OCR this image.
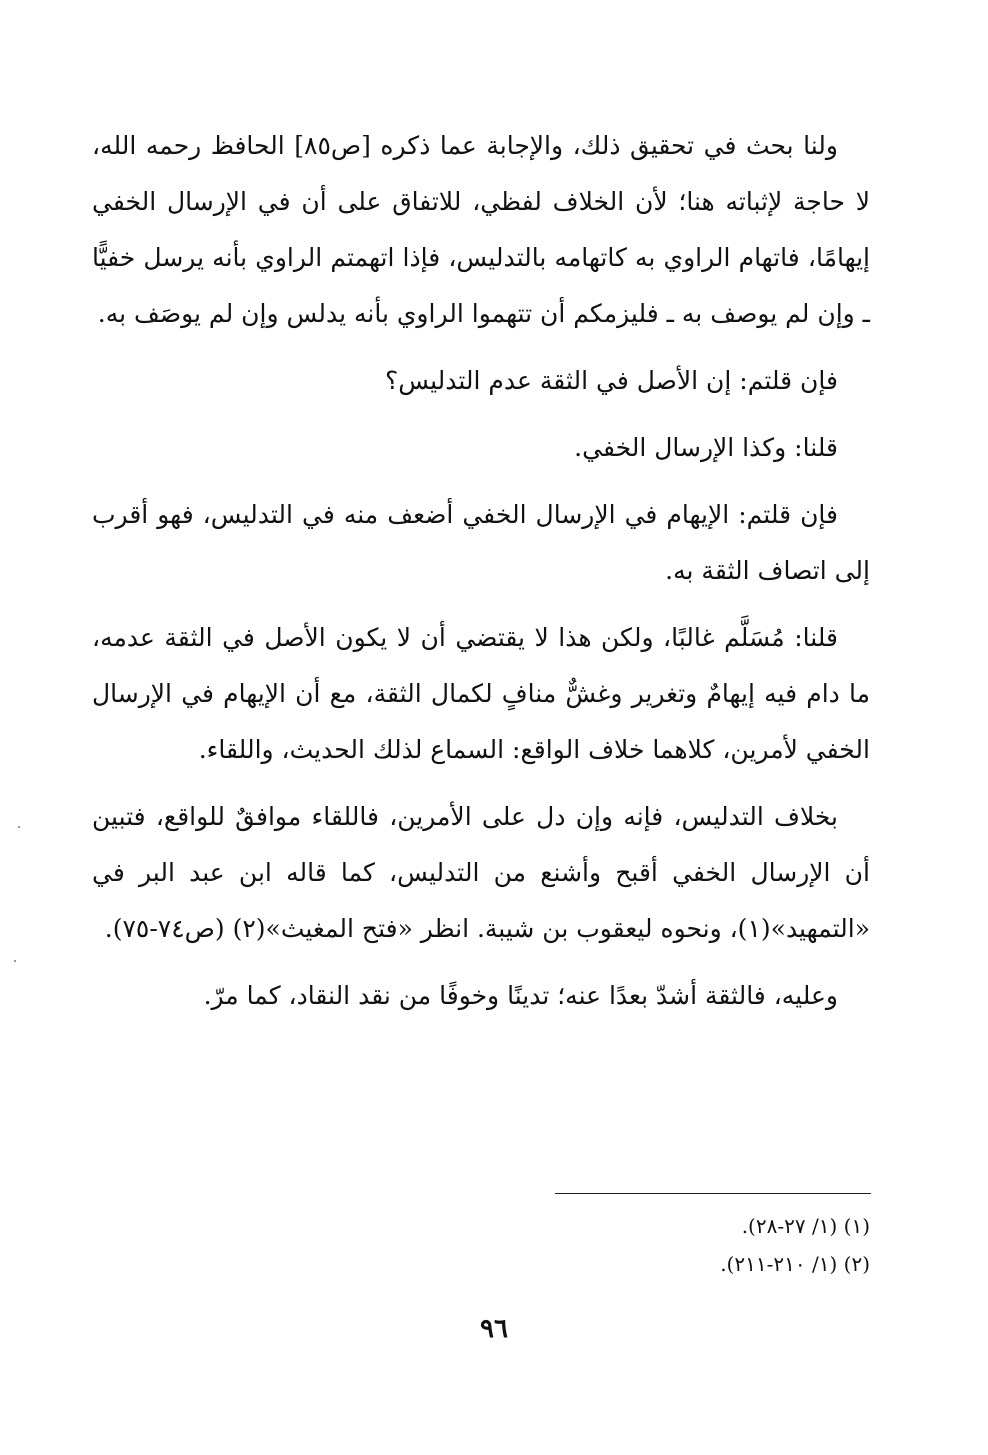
ولنا بحث في تحقيق ذلك، والإجابة عما ذكره [ص٨٥] الحافظ رحمه الله، لا حاجة لإثباته هنا؛ لأن الخلاف لفظي، للاتفاق على أن في الإرسال الخفي إيهامًا، فاتهام الراوي به كاتهامه بالتدليس، فإذا اتهمتم الراوي بأنه يرسل خفيًّا ـ وإن لم يوصف به ـ فليزمكم أن تتهموا الراوي بأنه يدلس وإن لم يوصَف به.

فإن قلتم: إن الأصل في الثقة عدم التدليس؟

قلنا: وكذا الإرسال الخفي.

فإن قلتم: الإيهام في الإرسال الخفي أضعف منه في التدليس، فهو أقرب إلى اتصاف الثقة به.

قلنا: مُسَلَّم غالبًا، ولكن هذا لا يقتضي أن لا يكون الأصل في الثقة عدمه، ما دام فيه إيهامٌ وتغرير وغشٌّ منافٍ لكمال الثقة، مع أن الإيهام في الإرسال الخفي لأمرين، كلاهما خلاف الواقع: السماع لذلك الحديث، واللقاء.

بخلاف التدليس، فإنه وإن دل على الأمرين، فاللقاء موافقٌ للواقع، فتبين أن الإرسال الخفي أقبح وأشنع من التدليس، كما قاله ابن عبد البر في «التمهيد»(١)، ونحوه ليعقوب بن شيبة. انظر «فتح المغيث»(٢) (ص٧٤-٧٥).

وعليه، فالثقة أشدّ بعدًا عنه؛ تدينًا وخوفًا من نقد النقاد، كما مرّ.

(١) (١/ ٢٧-٢٨).

(٢) (١/ ٢١٠-٢١١).

٩٦
